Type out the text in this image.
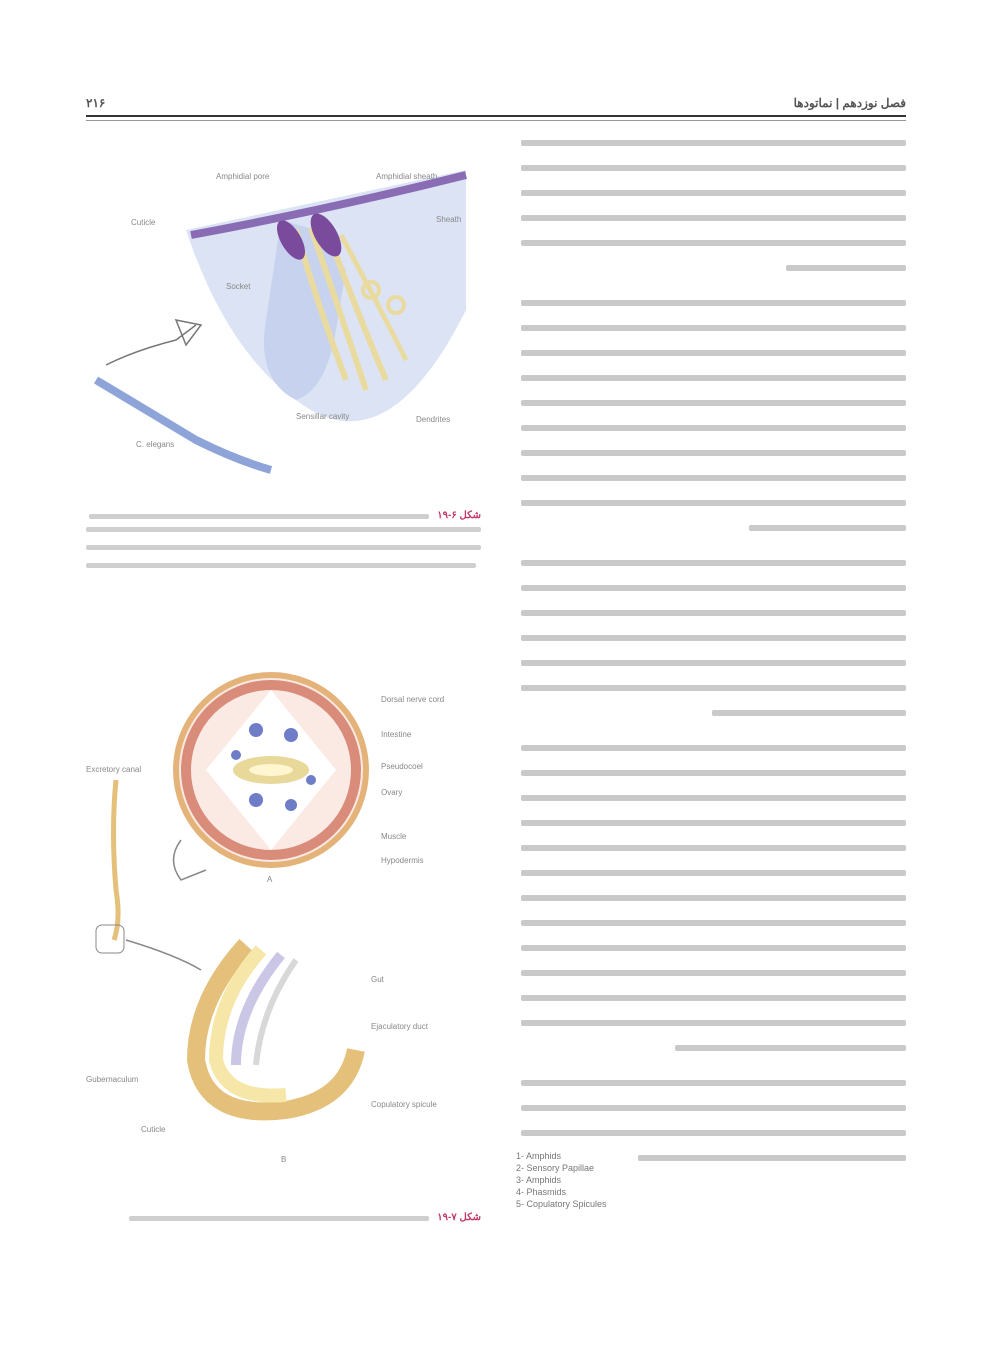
۲۱۶	فصل نوزدهم | نماتودها
1- Amphids
2- Sensory Papillae
3- Amphids
4- Phasmids
5- Copulatory Spicules
Amphidial pore	Amphidial sheath
Cuticle
Socket
Sheath
Dendrites
Sensillar cavity
C. elegans
شکل ۶-۱۹
Dorsal nerve cord
Intestine
Pseudocoel
Ovary
Muscle
Hypodermis
Excretory canal
A
Gut
Ejaculatory duct
Copulatory spicule
Gubernaculum
Cuticle
B
شکل ۷-۱۹
